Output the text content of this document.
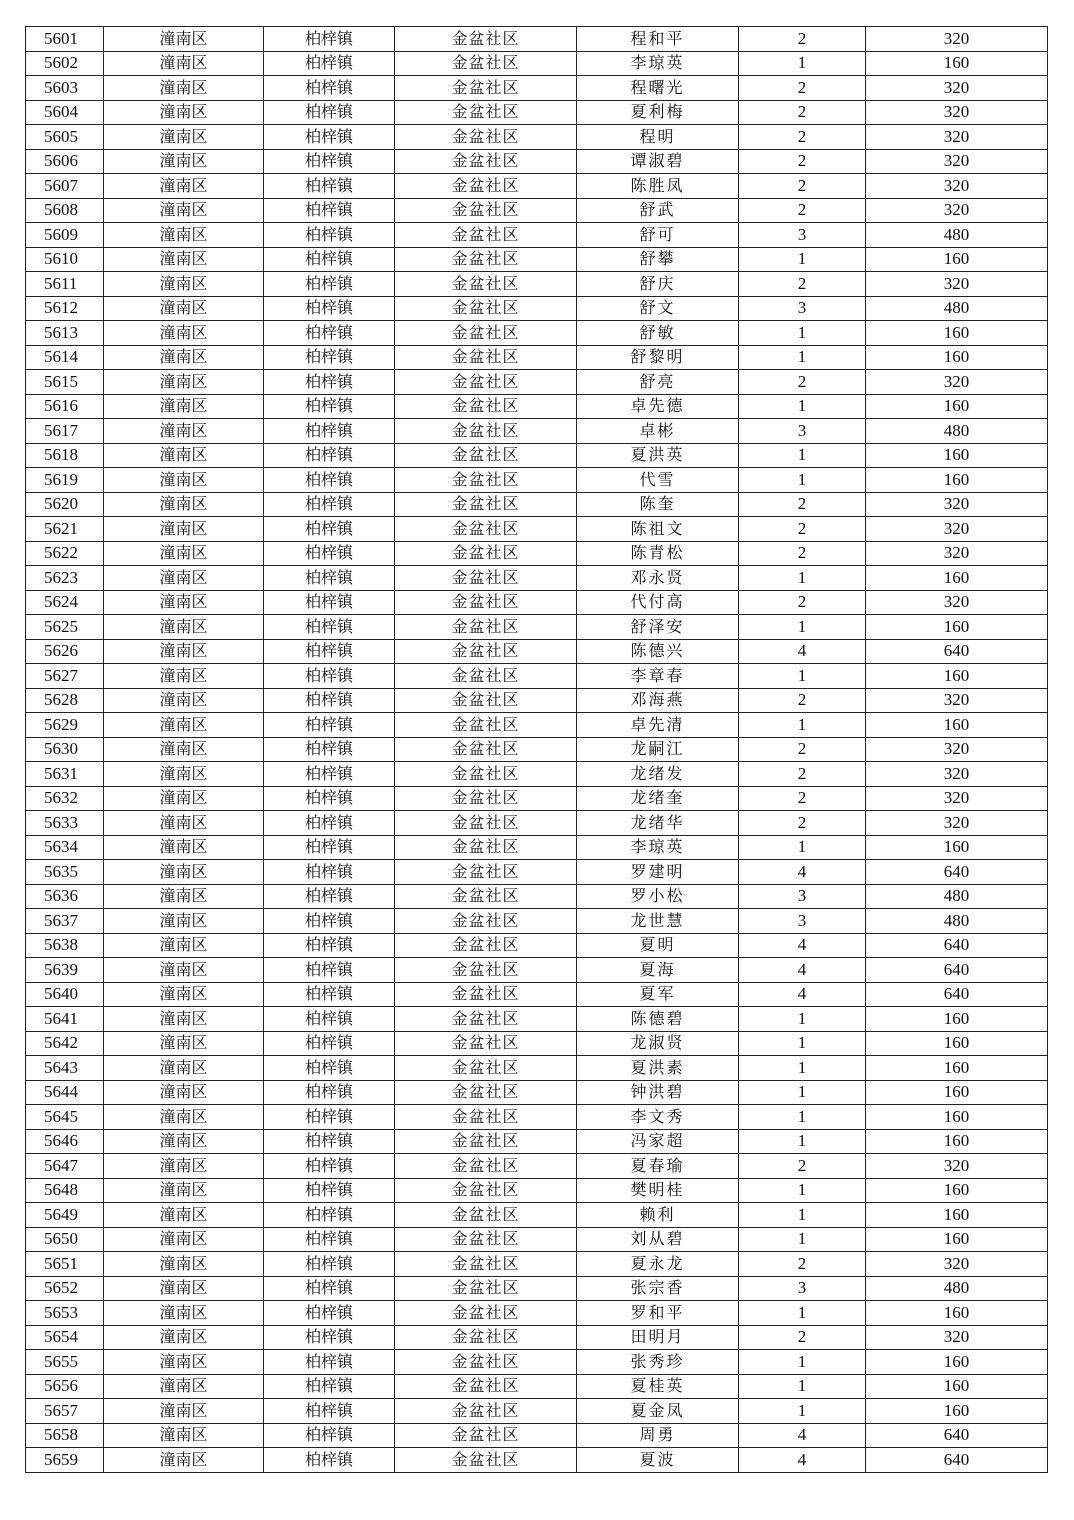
5601	潼南区	柏梓镇	金盆社区	程和平	2	320
5602	潼南区	柏梓镇	金盆社区	李琼英	1	160
5603	潼南区	柏梓镇	金盆社区	程曙光	2	320
5604	潼南区	柏梓镇	金盆社区	夏利梅	2	320
5605	潼南区	柏梓镇	金盆社区	程明	2	320
5606	潼南区	柏梓镇	金盆社区	谭淑碧	2	320
5607	潼南区	柏梓镇	金盆社区	陈胜凤	2	320
5608	潼南区	柏梓镇	金盆社区	舒武	2	320
5609	潼南区	柏梓镇	金盆社区	舒可	3	480
5610	潼南区	柏梓镇	金盆社区	舒攀	1	160
5611	潼南区	柏梓镇	金盆社区	舒庆	2	320
5612	潼南区	柏梓镇	金盆社区	舒文	3	480
5613	潼南区	柏梓镇	金盆社区	舒敏	1	160
5614	潼南区	柏梓镇	金盆社区	舒黎明	1	160
5615	潼南区	柏梓镇	金盆社区	舒亮	2	320
5616	潼南区	柏梓镇	金盆社区	卓先德	1	160
5617	潼南区	柏梓镇	金盆社区	卓彬	3	480
5618	潼南区	柏梓镇	金盆社区	夏洪英	1	160
5619	潼南区	柏梓镇	金盆社区	代雪	1	160
5620	潼南区	柏梓镇	金盆社区	陈奎	2	320
5621	潼南区	柏梓镇	金盆社区	陈祖文	2	320
5622	潼南区	柏梓镇	金盆社区	陈青松	2	320
5623	潼南区	柏梓镇	金盆社区	邓永贤	1	160
5624	潼南区	柏梓镇	金盆社区	代付高	2	320
5625	潼南区	柏梓镇	金盆社区	舒泽安	1	160
5626	潼南区	柏梓镇	金盆社区	陈德兴	4	640
5627	潼南区	柏梓镇	金盆社区	李章春	1	160
5628	潼南区	柏梓镇	金盆社区	邓海燕	2	320
5629	潼南区	柏梓镇	金盆社区	卓先清	1	160
5630	潼南区	柏梓镇	金盆社区	龙嗣江	2	320
5631	潼南区	柏梓镇	金盆社区	龙绪发	2	320
5632	潼南区	柏梓镇	金盆社区	龙绪奎	2	320
5633	潼南区	柏梓镇	金盆社区	龙绪华	2	320
5634	潼南区	柏梓镇	金盆社区	李琼英	1	160
5635	潼南区	柏梓镇	金盆社区	罗建明	4	640
5636	潼南区	柏梓镇	金盆社区	罗小松	3	480
5637	潼南区	柏梓镇	金盆社区	龙世慧	3	480
5638	潼南区	柏梓镇	金盆社区	夏明	4	640
5639	潼南区	柏梓镇	金盆社区	夏海	4	640
5640	潼南区	柏梓镇	金盆社区	夏军	4	640
5641	潼南区	柏梓镇	金盆社区	陈德碧	1	160
5642	潼南区	柏梓镇	金盆社区	龙淑贤	1	160
5643	潼南区	柏梓镇	金盆社区	夏洪素	1	160
5644	潼南区	柏梓镇	金盆社区	钟洪碧	1	160
5645	潼南区	柏梓镇	金盆社区	李文秀	1	160
5646	潼南区	柏梓镇	金盆社区	冯家超	1	160
5647	潼南区	柏梓镇	金盆社区	夏春瑜	2	320
5648	潼南区	柏梓镇	金盆社区	樊明桂	1	160
5649	潼南区	柏梓镇	金盆社区	赖利	1	160
5650	潼南区	柏梓镇	金盆社区	刘从碧	1	160
5651	潼南区	柏梓镇	金盆社区	夏永龙	2	320
5652	潼南区	柏梓镇	金盆社区	张宗香	3	480
5653	潼南区	柏梓镇	金盆社区	罗和平	1	160
5654	潼南区	柏梓镇	金盆社区	田明月	2	320
5655	潼南区	柏梓镇	金盆社区	张秀珍	1	160
5656	潼南区	柏梓镇	金盆社区	夏桂英	1	160
5657	潼南区	柏梓镇	金盆社区	夏金凤	1	160
5658	潼南区	柏梓镇	金盆社区	周勇	4	640
5659	潼南区	柏梓镇	金盆社区	夏波	4	640
